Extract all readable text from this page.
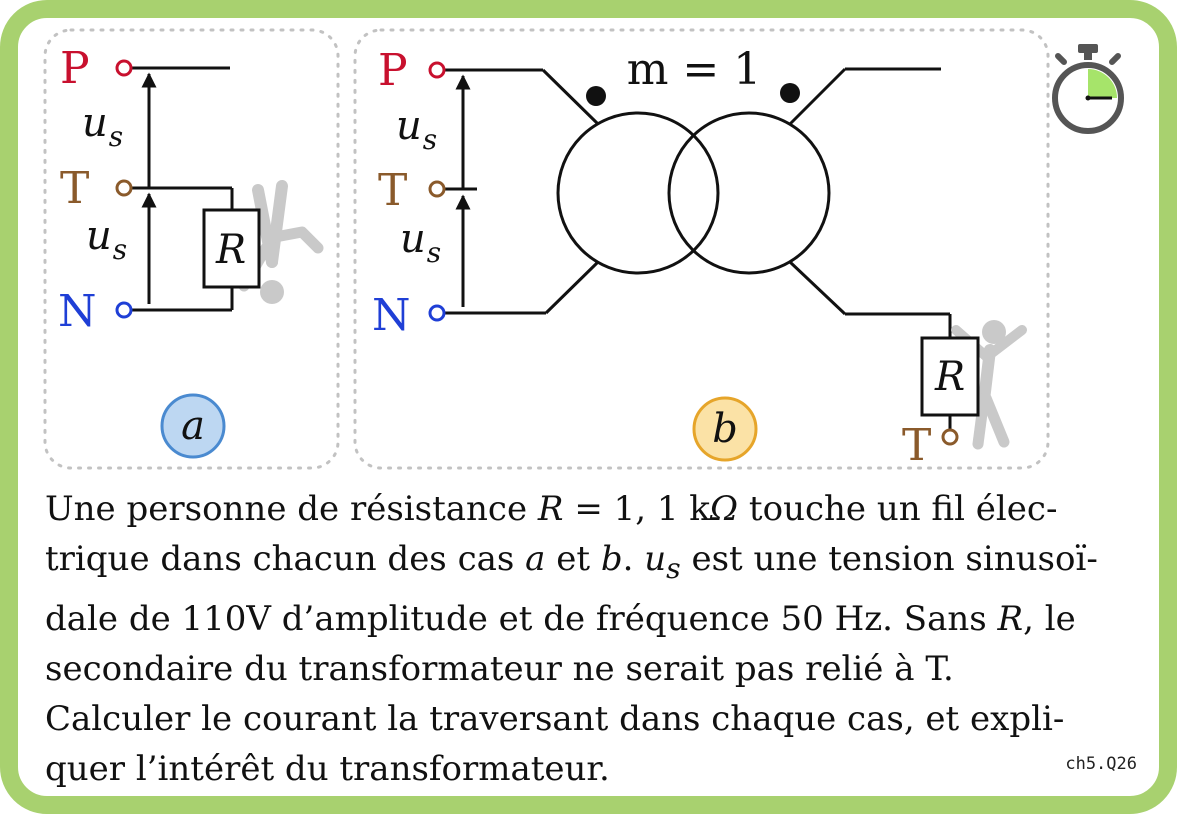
R
P
T
N
$u_s$
$u_s$
a
m = 1
R
T
P
T
N
$u_s$
$u_s$
b
Une personne de résistance R = 1, 1 kΩ touche un fil élec-
trique dans chacun des cas a et b. $u_s$ est une tension sinusoï-
dale de 110V d’amplitude et de fréquence 50 Hz. Sans R, le
secondaire du transformateur ne serait pas relié à T.
Calculer le courant la traversant dans chaque cas, et expli-
quer l’intérêt du transformateur.	ch5.Q26
